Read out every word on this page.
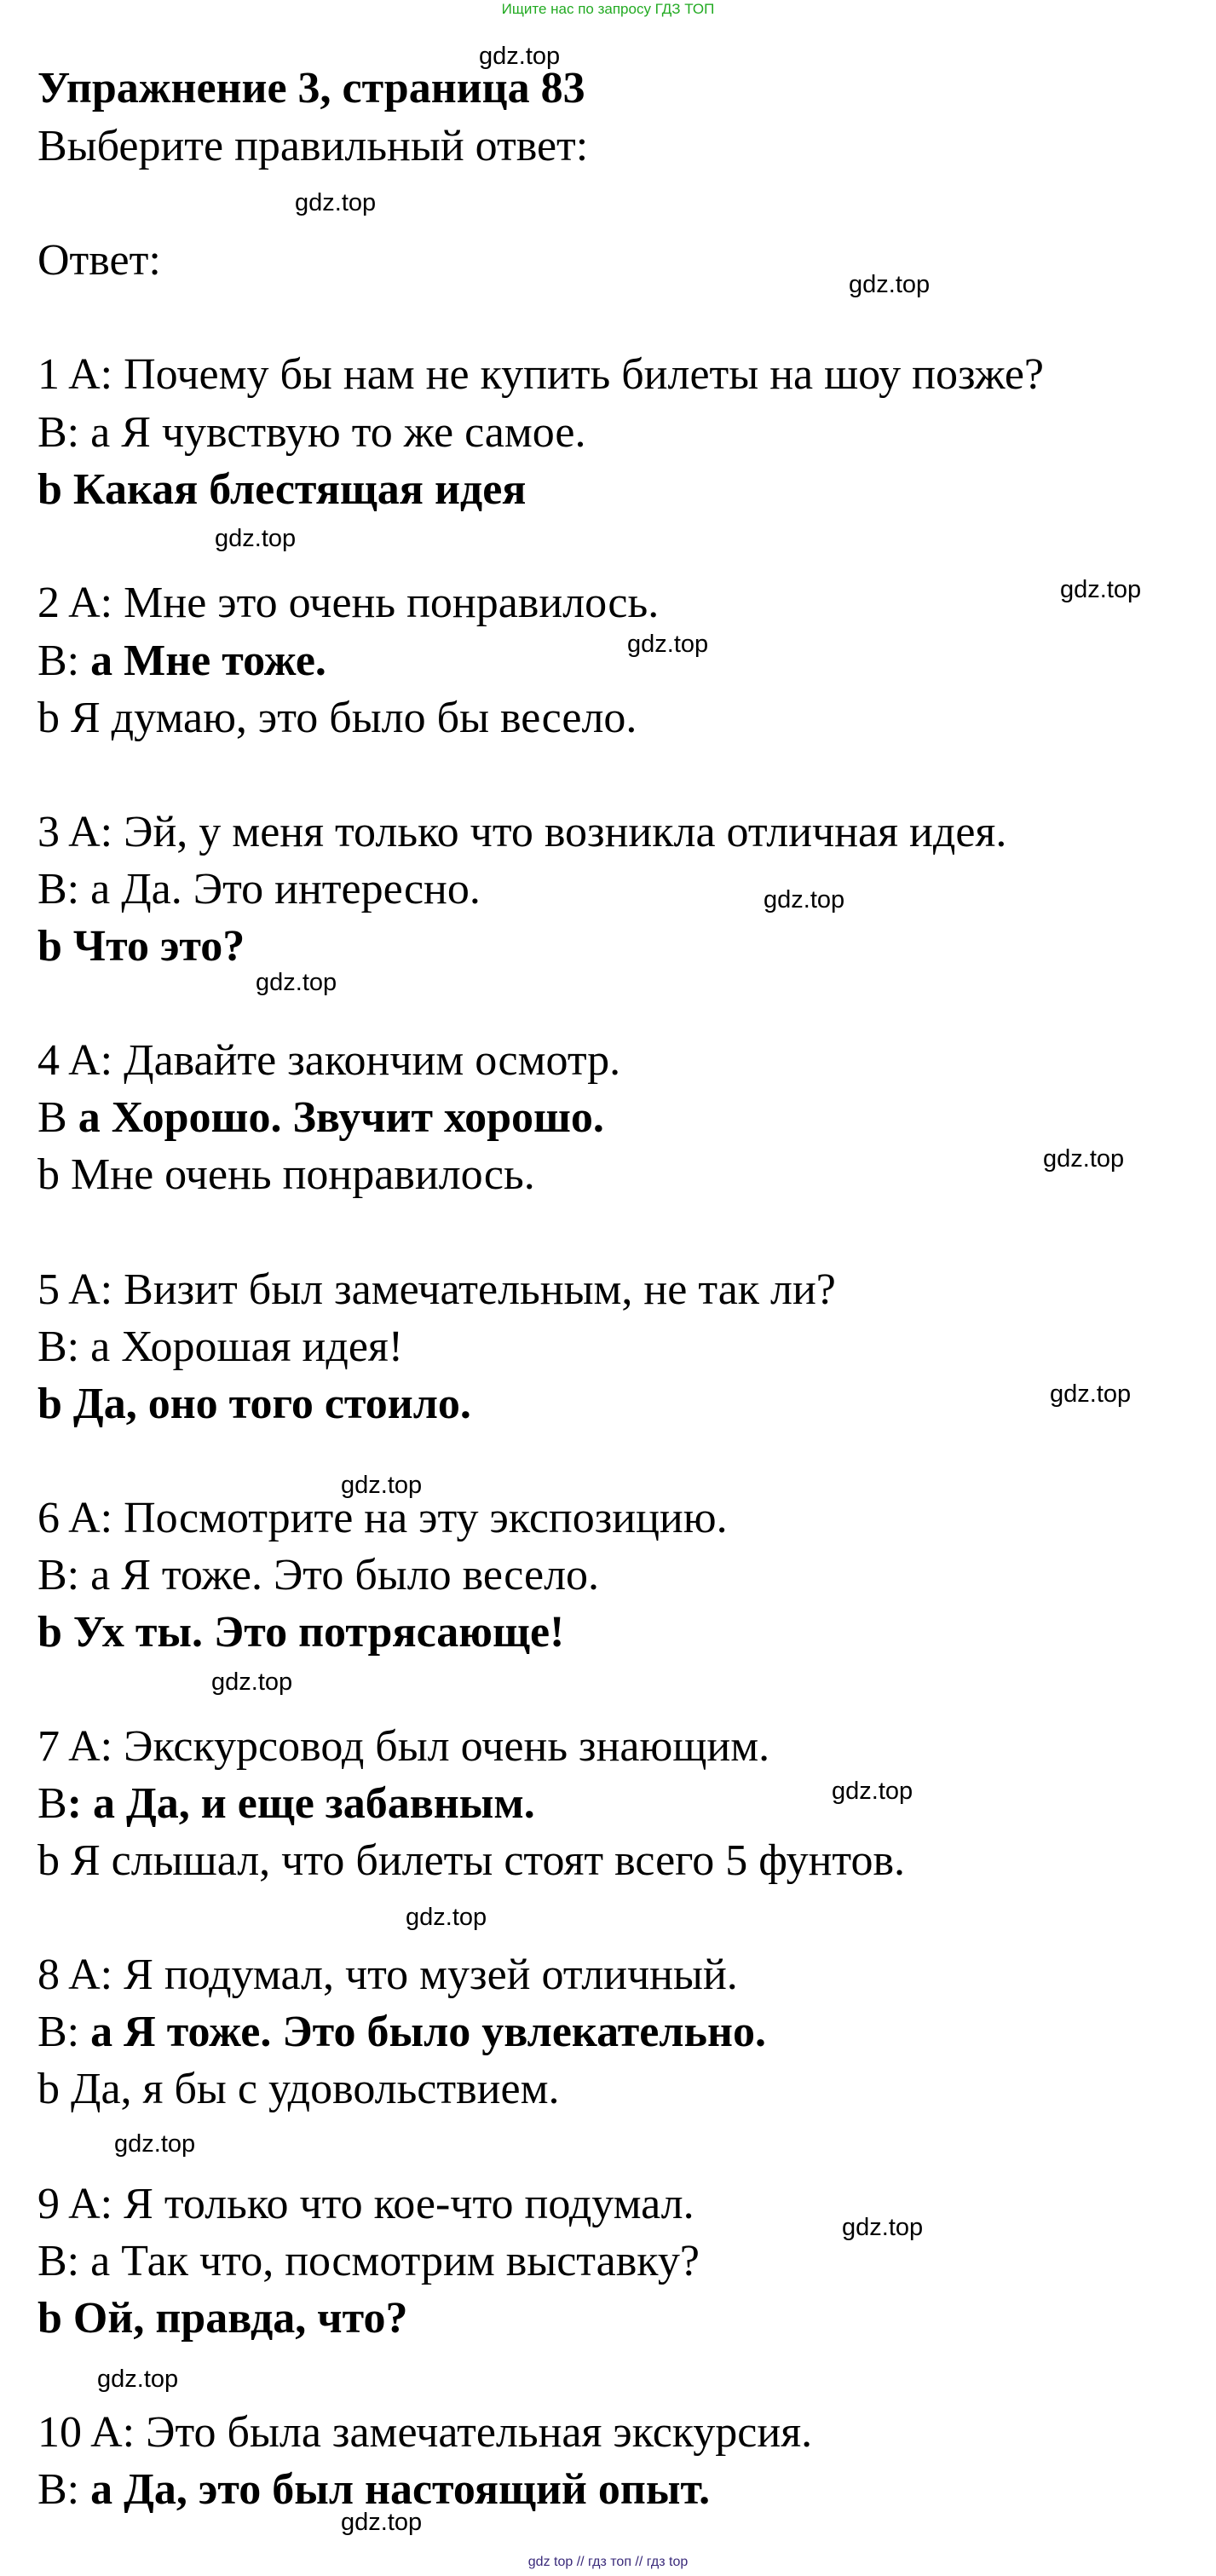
Ищите нас по запросу ГДЗ ТОП
Упражнение 3, страница 83
Выберите правильный ответ:
Ответ:
1 A: Почему бы нам не купить билеты на шоу позже?
B: а Я чувствую то же самое.
b Какая блестящая идея
2 A: Мне это очень понравилось.
B: а Мне тоже.
b Я думаю, это было бы весело.
3 A: Эй, у меня только что возникла отличная идея.
B: а Да. Это интересно.
b Что это?
4 A: Давайте закончим осмотр.
B а Хорошо. Звучит хорошо.
b Мне очень понравилось.
5 A: Визит был замечательным, не так ли?
B: а Хорошая идея!
b Да, оно того стоило.
6 A: Посмотрите на эту экспозицию.
B: а Я тоже. Это было весело.
b Ух ты. Это потрясающе!
7 A: Экскурсовод был очень знающим.
B: а Да, и еще забавным.
b Я слышал, что билеты стоят всего 5 фунтов.
8 A: Я подумал, что музей отличный.
B: а Я тоже. Это было увлекательно.
b Да, я бы с удовольствием.
9 A: Я только что кое-что подумал.
B: а Так что, посмотрим выставку?
b Ой, правда, что?
10 A: Это была замечательная экскурсия.
B: а Да, это был настоящий опыт.
gdz.top
gdz.top
gdz.top
gdz.top
gdz.top
gdz.top
gdz.top
gdz.top
gdz.top
gdz.top
gdz.top
gdz.top
gdz.top
gdz.top
gdz.top
gdz.top
gdz.top
gdz.top
gdz top // гдз топ // гдз top
